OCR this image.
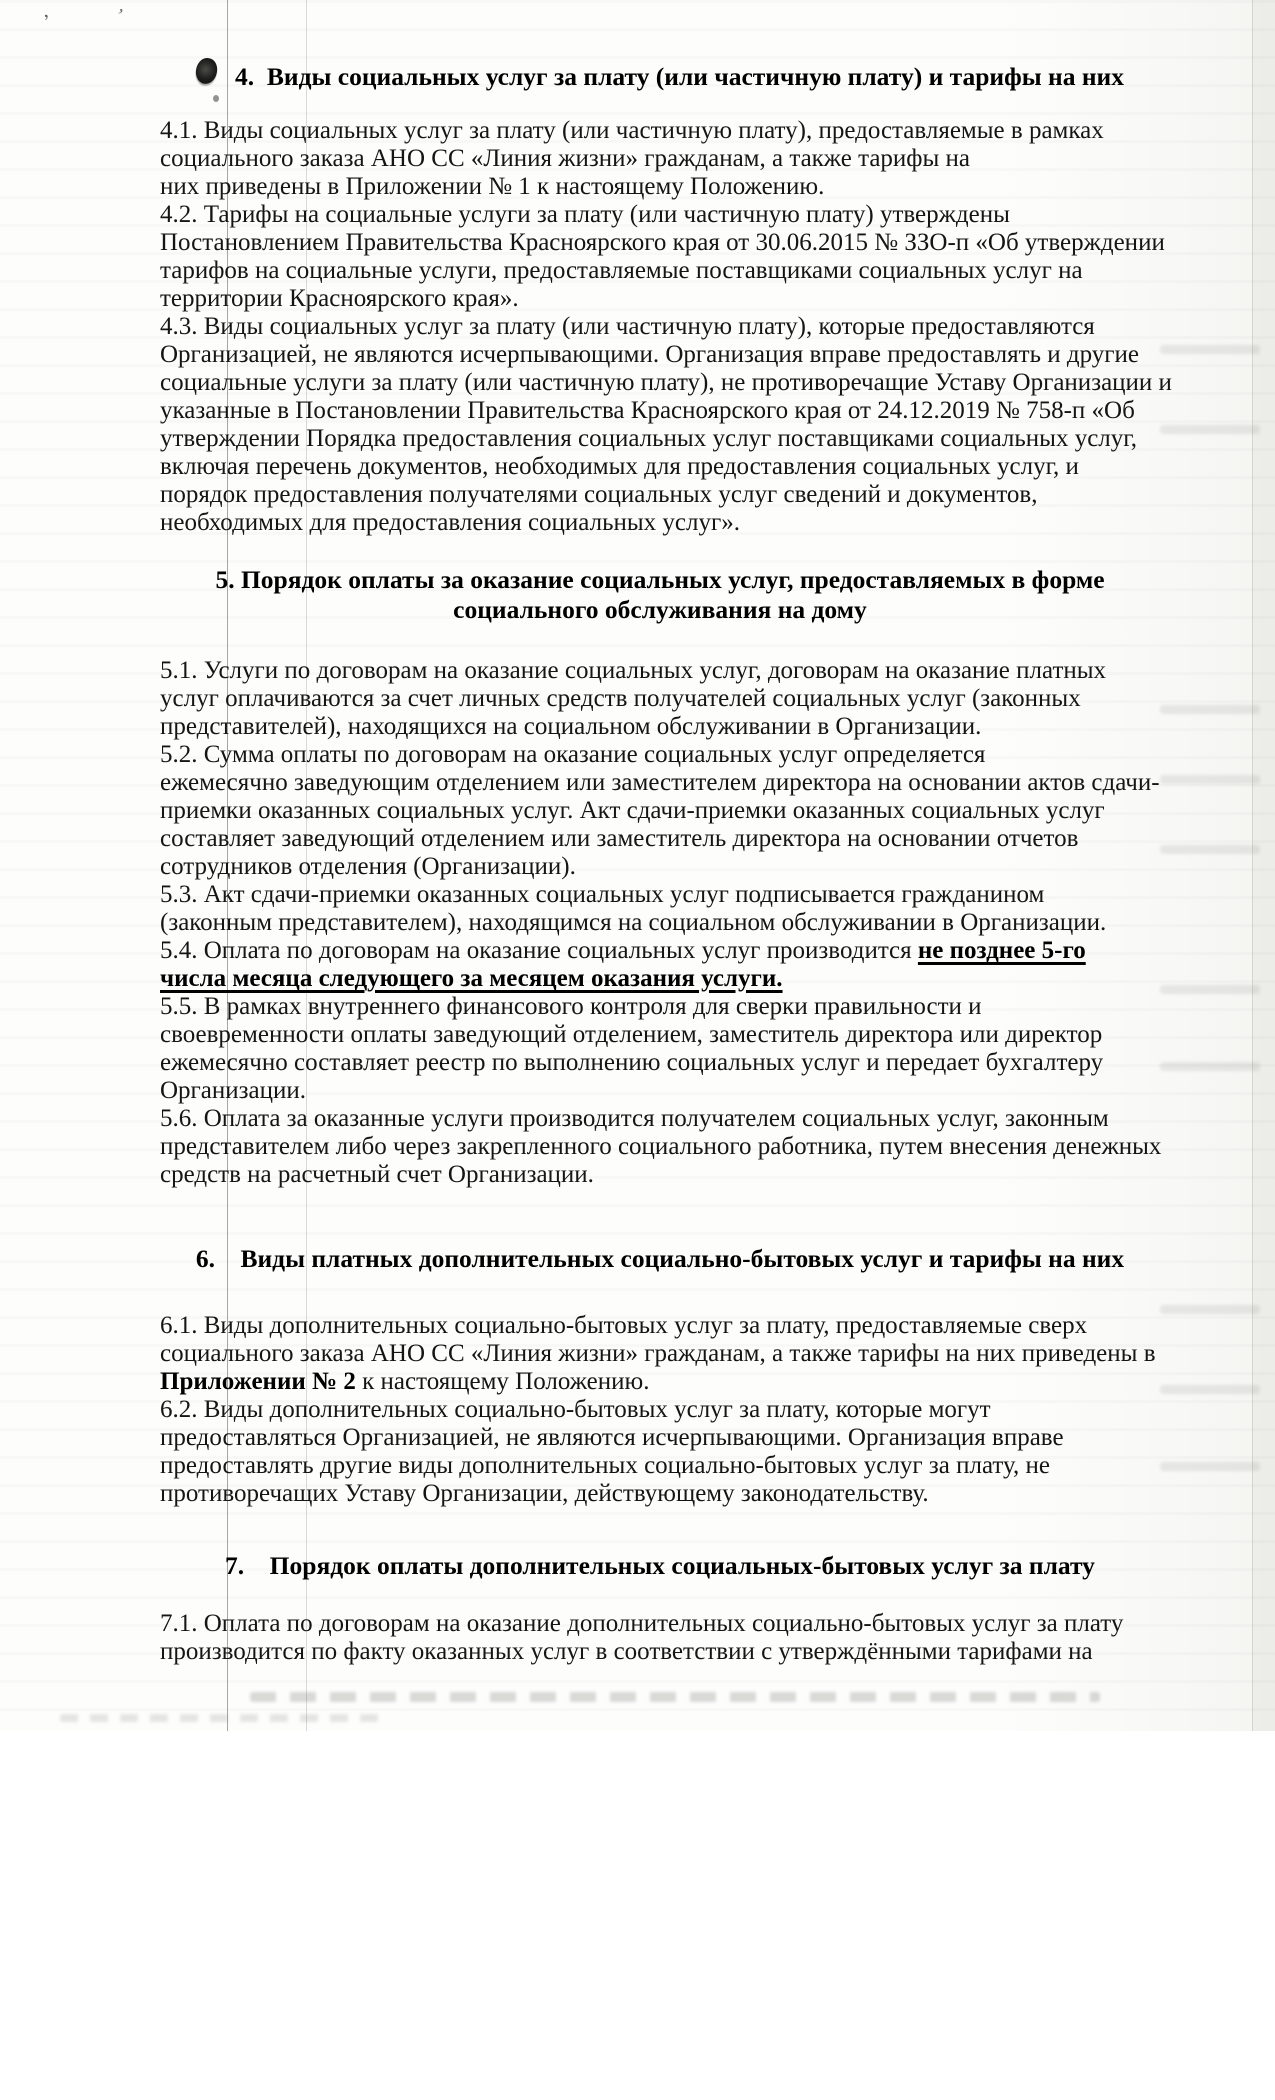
’	’
4.  Виды социальных услуг за плату (или частичную плату) и тарифы на них
4.1. Виды социальных услуг за плату (или частичную плату), предоставляемые в рамках
социального заказа АНО СС «Линия жизни» гражданам, а также тарифы на
них приведены в Приложении № 1 к настоящему Положению.
4.2. Тарифы на социальные услуги за плату (или частичную плату) утверждены
Постановлением Правительства Красноярского края от 30.06.2015 № ЗЗО-п «Об утверждении
тарифов на социальные услуги, предоставляемые поставщиками социальных услуг на
территории Красноярского края».
4.3. Виды социальных услуг за плату (или частичную плату), которые предоставляются
Организацией, не являются исчерпывающими. Организация вправе предоставлять и другие
социальные услуги за плату (или частичную плату), не противоречащие Уставу Организации и
указанные в Постановлении Правительства Красноярского края от 24.12.2019 № 758-п «Об
утверждении Порядка предоставления социальных услуг поставщиками социальных услуг,
включая перечень документов, необходимых для предоставления социальных услуг, и
порядок предоставления получателями социальных услуг сведений и документов,
необходимых для предоставления социальных услуг».
5. Порядок оплаты за оказание социальных услуг, предоставляемых в форме
социального обслуживания на дому
5.1. Услуги по договорам на оказание социальных услуг, договорам на оказание платных
услуг оплачиваются за счет личных средств получателей социальных услуг (законных
представителей), находящихся на социальном обслуживании в Организации.
5.2. Сумма оплаты по договорам на оказание социальных услуг определяется
ежемесячно заведующим отделением или заместителем директора на основании актов сдачи-
приемки оказанных социальных услуг. Акт сдачи-приемки оказанных социальных услуг
составляет заведующий отделением или заместитель директора на основании отчетов
сотрудников отделения (Организации).
5.3. Акт сдачи-приемки оказанных социальных услуг подписывается гражданином
(законным представителем), находящимся на социальном обслуживании в Организации.
5.4. Оплата по договорам на оказание социальных услуг производится не позднее 5-го
числа месяца следующего за месяцем оказания услуги.
5.5. В рамках внутреннего финансового контроля для сверки правильности и
своевременности оплаты заведующий отделением, заместитель директора или директор
ежемесячно составляет реестр по выполнению социальных услуг и передает бухгалтеру
Организации.
5.6. Оплата за оказанные услуги производится получателем социальных услуг, законным
представителем либо через закрепленного социального работника, путем внесения денежных
средств на расчетный счет Организации.
6.    Виды платных дополнительных социально-бытовых услуг и тарифы на них
6.1. Виды дополнительных социально-бытовых услуг за плату, предоставляемые сверх
социального заказа АНО СС «Линия жизни» гражданам, а также тарифы на них приведены в
Приложении № 2 к настоящему Положению.
6.2. Виды дополнительных социально-бытовых услуг за плату, которые могут
предоставляться Организацией, не являются исчерпывающими. Организация вправе
предоставлять другие виды дополнительных социально-бытовых услуг за плату, не
противоречащих Уставу Организации, действующему законодательству.
7.    Порядок оплаты дополнительных социальных-бытовых услуг за плату
7.1. Оплата по договорам на оказание дополнительных социально-бытовых услуг за плату
производится по факту оказанных услуг в соответствии с утверждёнными тарифами на
